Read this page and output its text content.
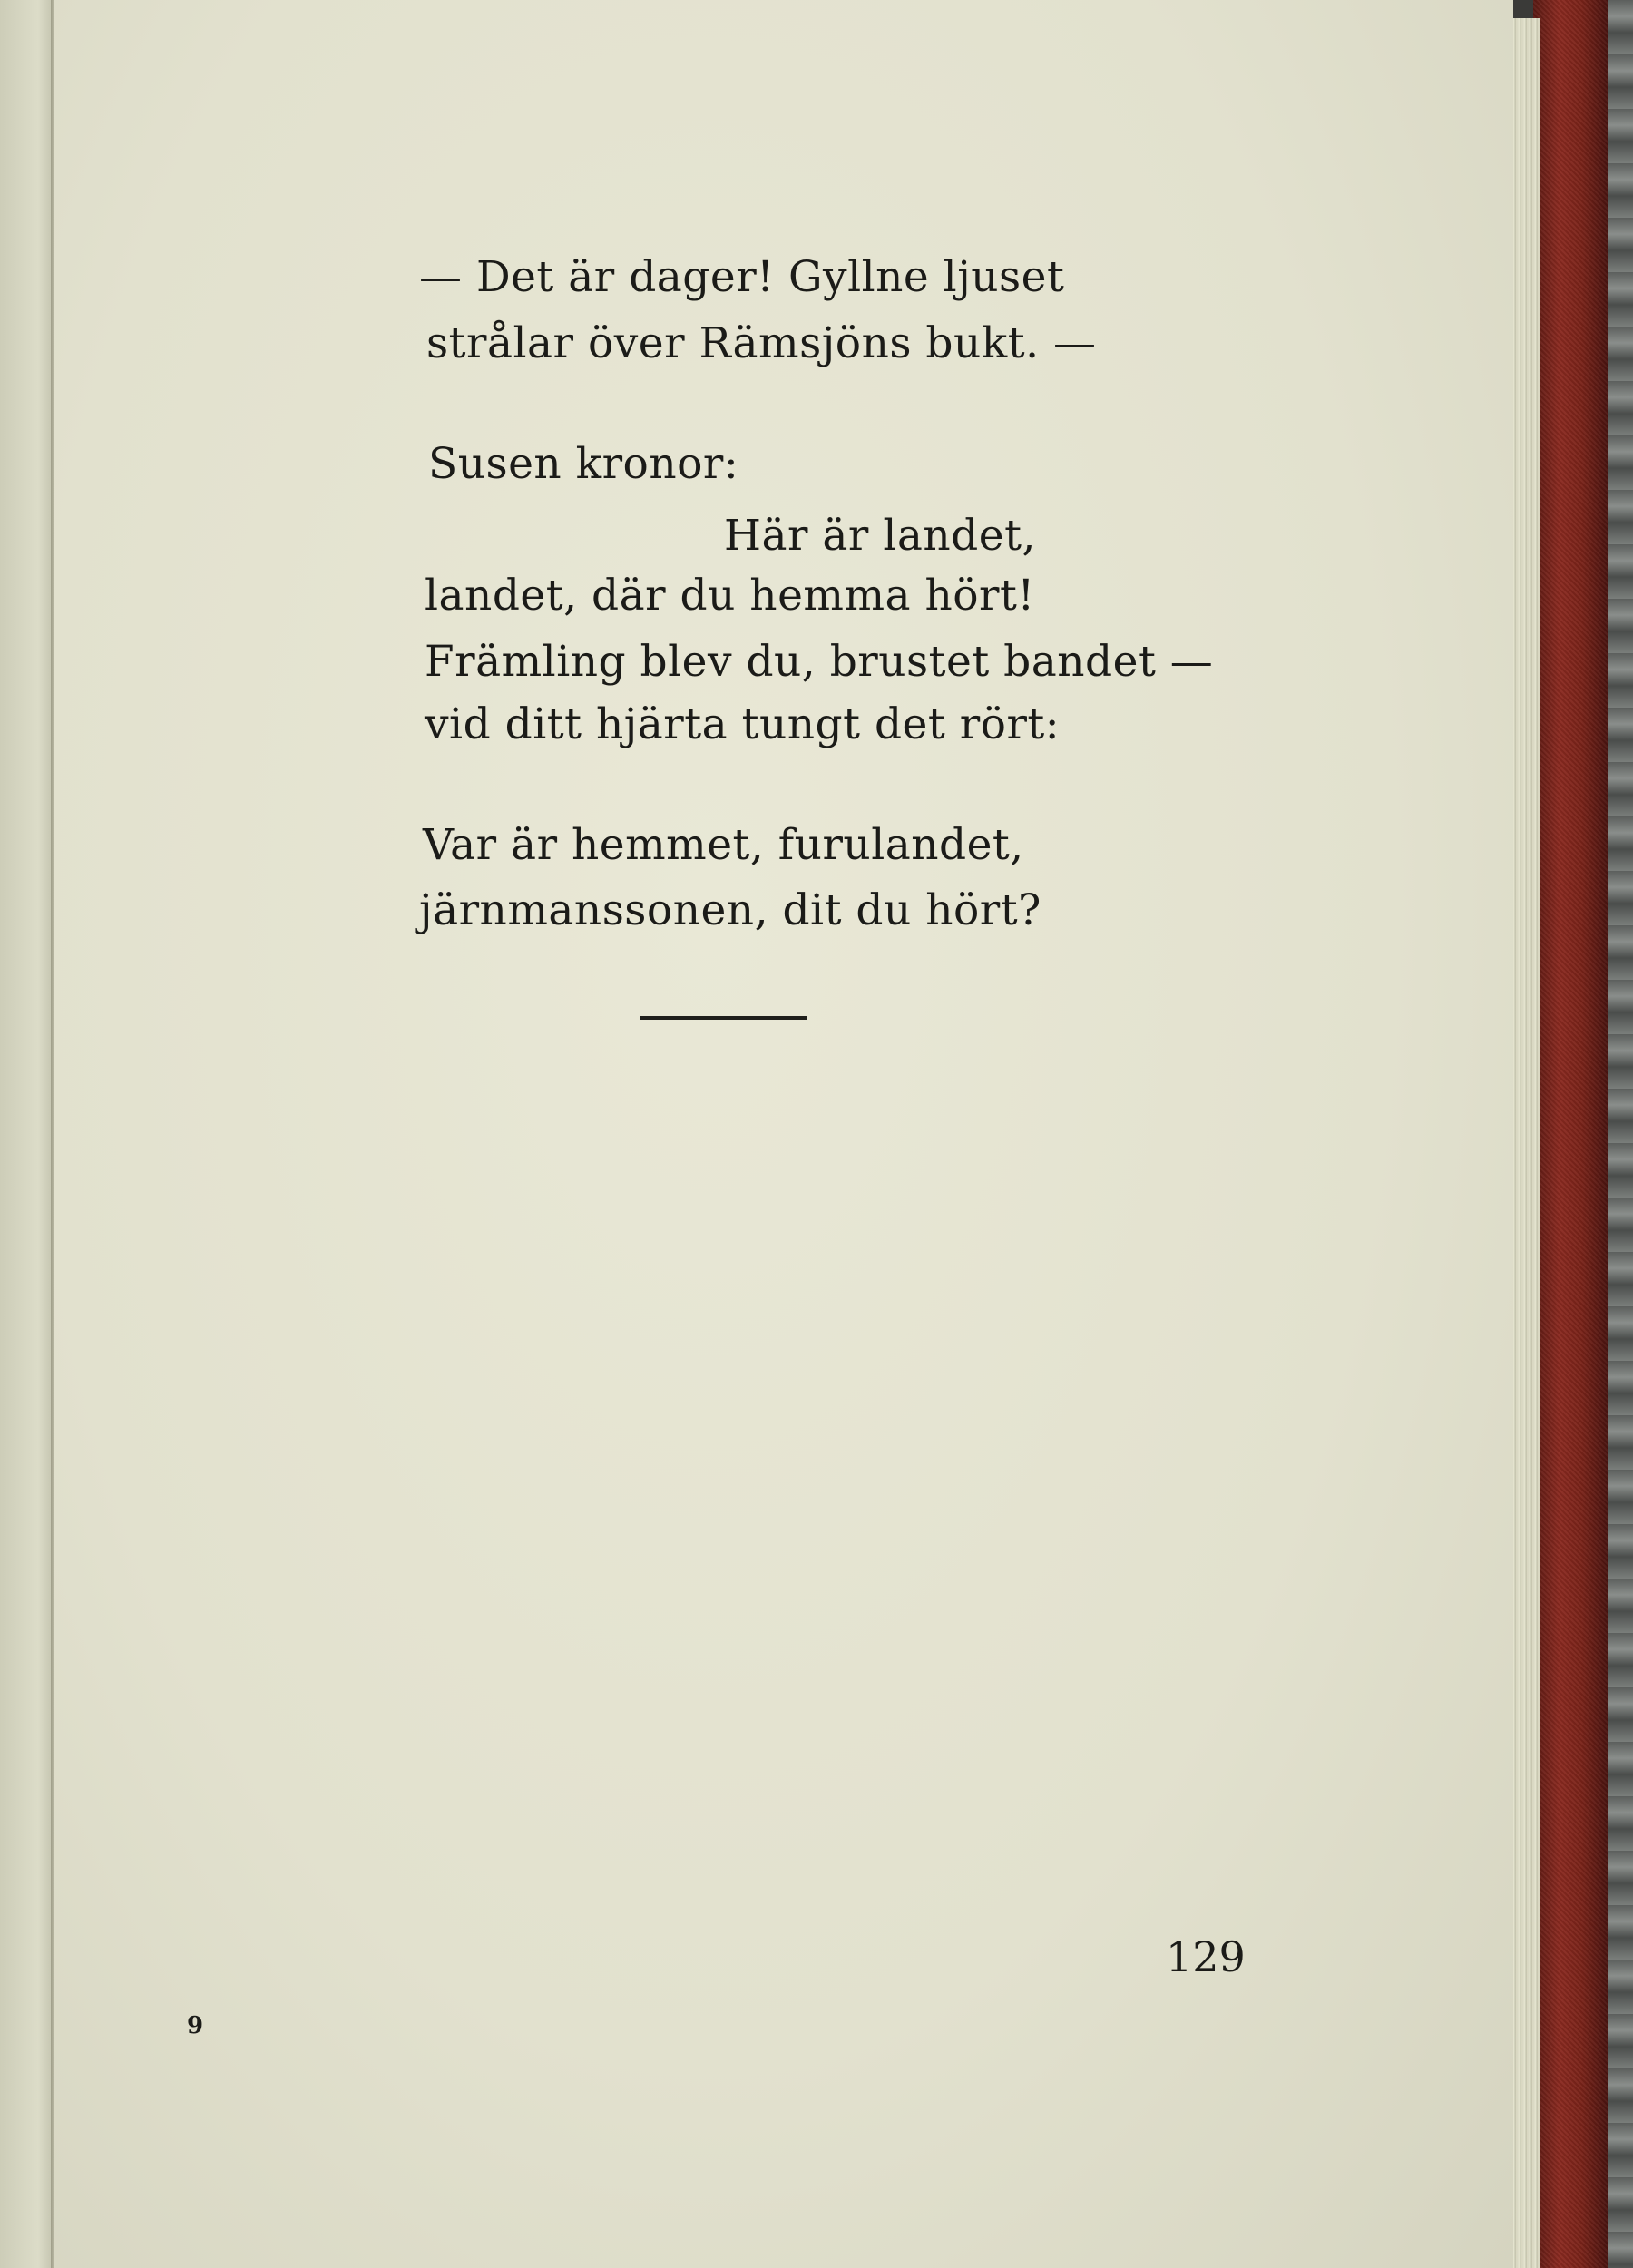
— Det är dager! Gyllne ljuset
strålar över Rämsjöns bukt. —
Susen kronor:
Här är landet,
landet, där du hemma hört!
Främling blev du, brustet bandet —
vid ditt hjärta tungt det rört:
Var är hemmet, furulandet,
järnmanssonen, dit du hört?
129
9
